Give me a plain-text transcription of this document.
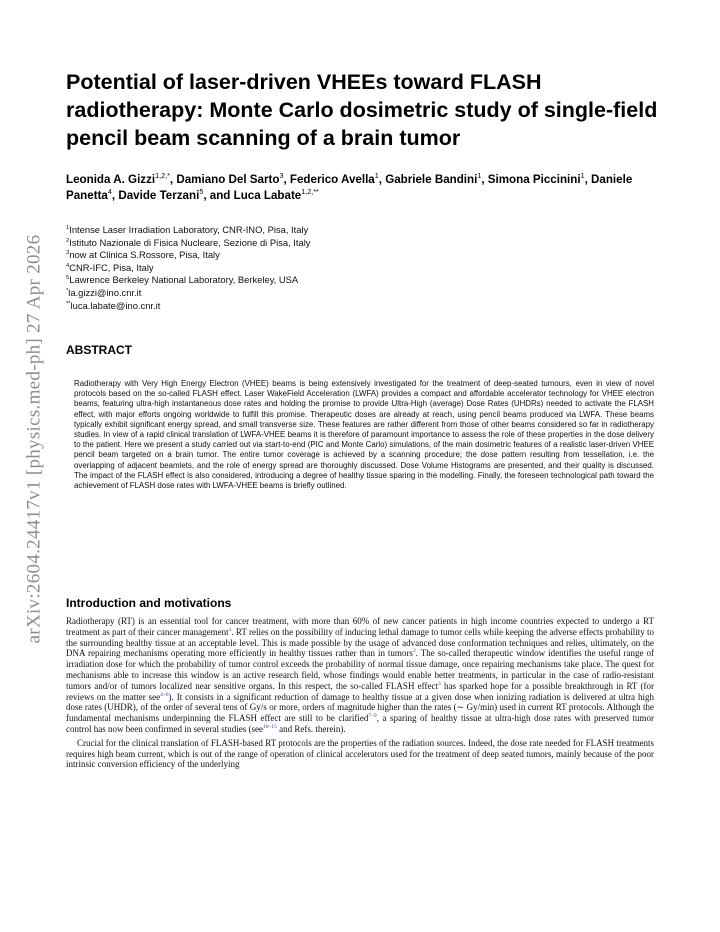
arXiv:2604.24417v1 [physics.med-ph] 27 Apr 2026
Potential of laser-driven VHEEs toward FLASH radiotherapy: Monte Carlo dosimetric study of single-field pencil beam scanning of a brain tumor

Leonida A. Gizzi$^{1,2,*}$, Damiano Del Sarto$^3$, Federico Avella$^1$, Gabriele Bandini$^1$, Simona Piccinini$^1$, Daniele Panetta$^4$, Davide Terzani$^5$, and Luca Labate$^{1,2,**}$

$^1$Intense Laser Irradiation Laboratory, CNR-INO, Pisa, Italy
$^2$Istituto Nazionale di Fisica Nucleare, Sezione di Pisa, Italy
$^3$now at Clinica S.Rossore, Pisa, Italy
$^4$CNR-IFC, Pisa, Italy
$^5$Lawrence Berkeley National Laboratory, Berkeley, USA
*la.gizzi@ino.cnr.it
**luca.labate@ino.cnr.it
ABSTRACT

Radiotherapy with Very High Energy Electron (VHEE) beams is being extensively investigated for the treatment of deep-seated tumours, even in view of novel protocols based on the so-called FLASH effect. Laser WakeField Acceleration (LWFA) provides a compact and affordable accelerator technology for VHEE electron beams, featuring ultra-high instantaneous dose rates and holding the promise to provide Ultra-High (average) Dose Rates (UHDRs) needed to activate the FLASH effect, with major efforts ongoing worldwide to fulfill this promise. Therapeutic doses are already at reach, using pencil beams produced via LWFA. These beams typically exhibit significant energy spread, and small transverse size. These features are rather different from those of other beams considered so far in radiotherapy studies. In view of a rapid clinical translation of LWFA-VHEE beams it is therefore of paramount importance to assess the role of these properties in the dose delivery to the patient. Here we present a study carried out via start-to-end (PIC and Monte Carlo) simulations, of the main dosimetric features of a realistic laser-driven VHEE pencil beam targeted on a brain tumor. The entire tumor coverage is achieved by a scanning procedure; the dose pattern resulting from tessellation, i.e. the overlapping of adjacent beamlets, and the role of energy spread are thoroughly discussed. Dose Volume Histograms are presented, and their quality is discussed. The impact of the FLASH effect is also considered, introducing a degree of healthy tissue sparing in the modelling. Finally, the foreseen technological path toward the achievement of FLASH dose rates with LWFA-VHEE beams is briefly outlined.

Introduction and motivations

Radiotherapy (RT) is an essential tool for cancer treatment, with more than 60% of new cancer patients in high income countries expected to undergo a RT treatment as part of their cancer management$^1$. RT relies on the possibility of inducing lethal damage to tumor cells while keeping the adverse effects probability to the surrounding healthy tissue at an acceptable level. This is made possible by the usage of advanced dose conformation techniques and relies, ultimately, on the DNA repairing mechanisms operating more efficiently in healthy tissues rather than in tumors$^2$. The so-called therapeutic window identifies the useful range of irradiation dose for which the probability of tumor control exceeds the probability of normal tissue damage, once repairing mechanisms take place. The quest for mechanisms able to increase this window is an active research field, whose findings would enable better treatments, in particular in the case of radio-resistant tumors and/or of tumors localized near sensitive organs. In this respect, the so-called FLASH effect$^3$ has sparked hope for a possible breakthrough in RT (for reviews on the matter see$^{4-6}$). It consists in a significant reduction of damage to healthy tissue at a given dose when ionizing radiation is delivered at ultra high dose rates (UHDR), of the order of several tens of Gy/s or more, orders of magnitude higher than the rates (∼ Gy/min) used in current RT protocols. Although the fundamental mechanisms underpinning the FLASH effect are still to be clarified$^{7-9}$, a sparing of healthy tissue at ultra-high dose rates with preserved tumor control has now been confirmed in several studies (see$^{10-15}$ and Refs. therein).

Crucial for the clinical translation of FLASH-based RT protocols are the properties of the radiation sources. Indeed, the dose rate needed for FLASH treatments requires high beam current, which is out of the range of operation of clinical accelerators used for the treatment of deep seated tumors, mainly because of the poor intrinsic conversion efficiency of the underlying
